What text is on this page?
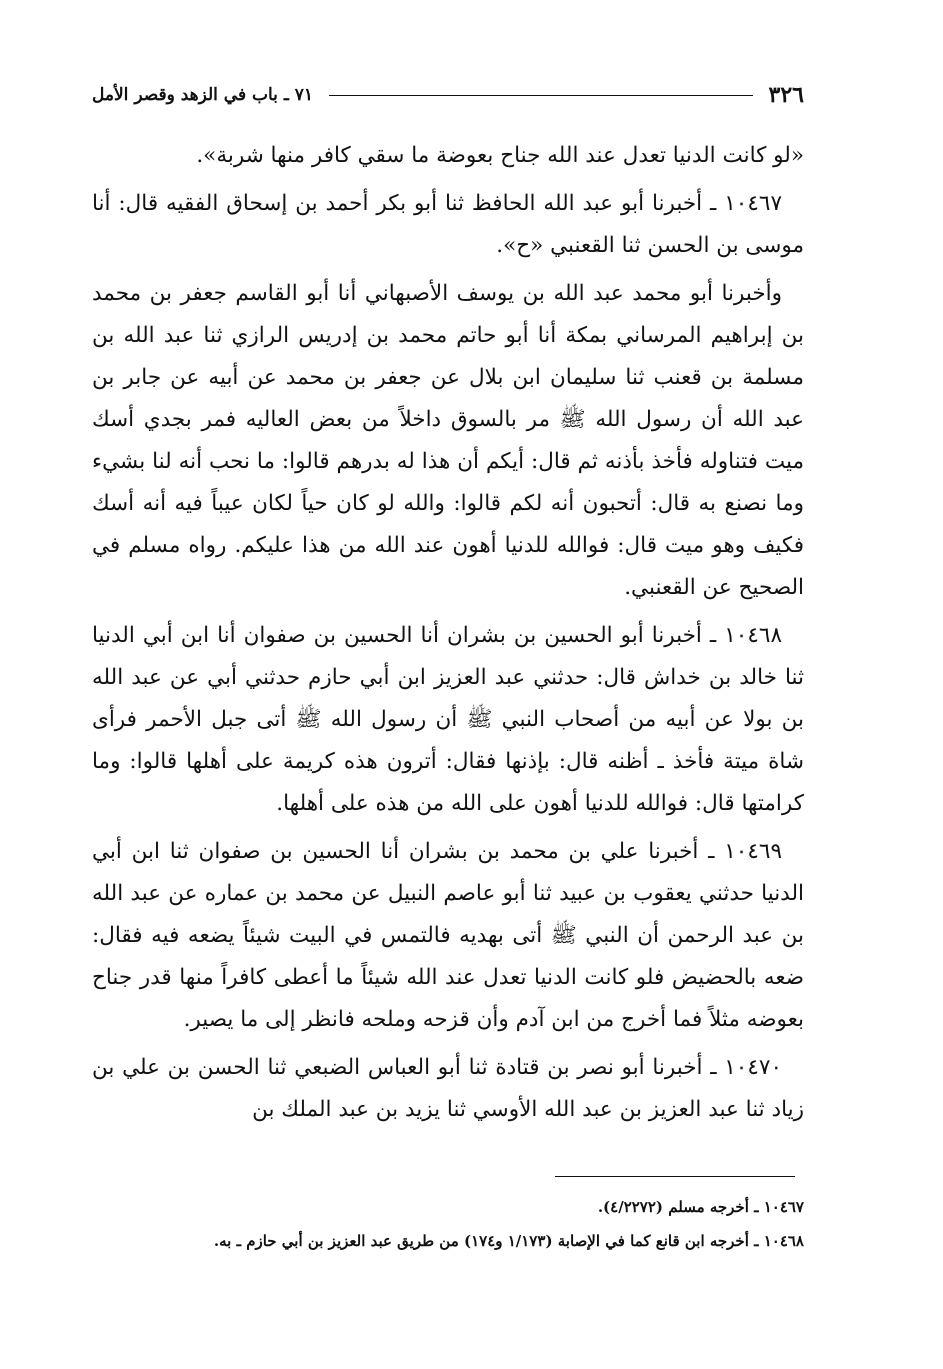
٣٢٦
٧١ ـ باب في الزهد وقصر الأمل

«لو كانت الدنيا تعدل عند الله جناح بعوضة ما سقي كافر منها شربة».

١٠٤٦٧ ـ أخبرنا أبو عبد الله الحافظ ثنا أبو بكر أحمد بن إسحاق الفقيه قال: أنا موسى بن الحسن ثنا القعنبي «ح».

وأخبرنا أبو محمد عبد الله بن يوسف الأصبهاني أنا أبو القاسم جعفر بن محمد بن إبراهيم المرساني بمكة أنا أبو حاتم محمد بن إدريس الرازي ثنا عبد الله بن مسلمة بن قعنب ثنا سليمان ابن بلال عن جعفر بن محمد عن أبيه عن جابر بن عبد الله أن رسول الله ﷺ مر بالسوق داخلاً من بعض العاليه فمر بجدي أسك ميت فتناوله فأخذ بأذنه ثم قال: أيكم أن هذا له بدرهم قالوا: ما نحب أنه لنا بشيء وما نصنع به قال: أتحبون أنه لكم قالوا: والله لو كان حياً لكان عيباً فيه أنه أسك فكيف وهو ميت قال: فوالله للدنيا أهون عند الله من هذا عليكم. رواه مسلم في الصحيح عن القعنبي.

١٠٤٦٨ ـ أخبرنا أبو الحسين بن بشران أنا الحسين بن صفوان أنا ابن أبي الدنيا ثنا خالد بن خداش قال: حدثني عبد العزيز ابن أبي حازم حدثني أبي عن عبد الله بن بولا عن أبيه من أصحاب النبي ﷺ أن رسول الله ﷺ أتى جبل الأحمر فرأى شاة ميتة فأخذ ـ أظنه قال: بإذنها فقال: أترون هذه كريمة على أهلها قالوا: وما كرامتها قال: فوالله للدنيا أهون على الله من هذه على أهلها.

١٠٤٦٩ ـ أخبرنا علي بن محمد بن بشران أنا الحسين بن صفوان ثنا ابن أبي الدنيا حدثني يعقوب بن عبيد ثنا أبو عاصم النبيل عن محمد بن عماره عن عبد الله بن عبد الرحمن أن النبي ﷺ أتى بهديه فالتمس في البيت شيئاً يضعه فيه فقال: ضعه بالحضيض فلو كانت الدنيا تعدل عند الله شيئاً ما أعطى كافراً منها قدر جناح بعوضه مثلاً فما أخرج من ابن آدم وأن قزحه وملحه فانظر إلى ما يصير.

١٠٤٧٠ ـ أخبرنا أبو نصر بن قتادة ثنا أبو العباس الضبعي ثنا الحسن بن علي بن زياد ثنا عبد العزيز بن عبد الله الأوسي ثنا يزيد بن عبد الملك بن

١٠٤٦٧ ـ أخرجه مسلم (٤/٢٢٧٢).
١٠٤٦٨ ـ أخرجه ابن قانع كما في الإصابة (١/١٧٣ و١٧٤) من طريق عبد العزيز بن أبي حازم ـ به.
